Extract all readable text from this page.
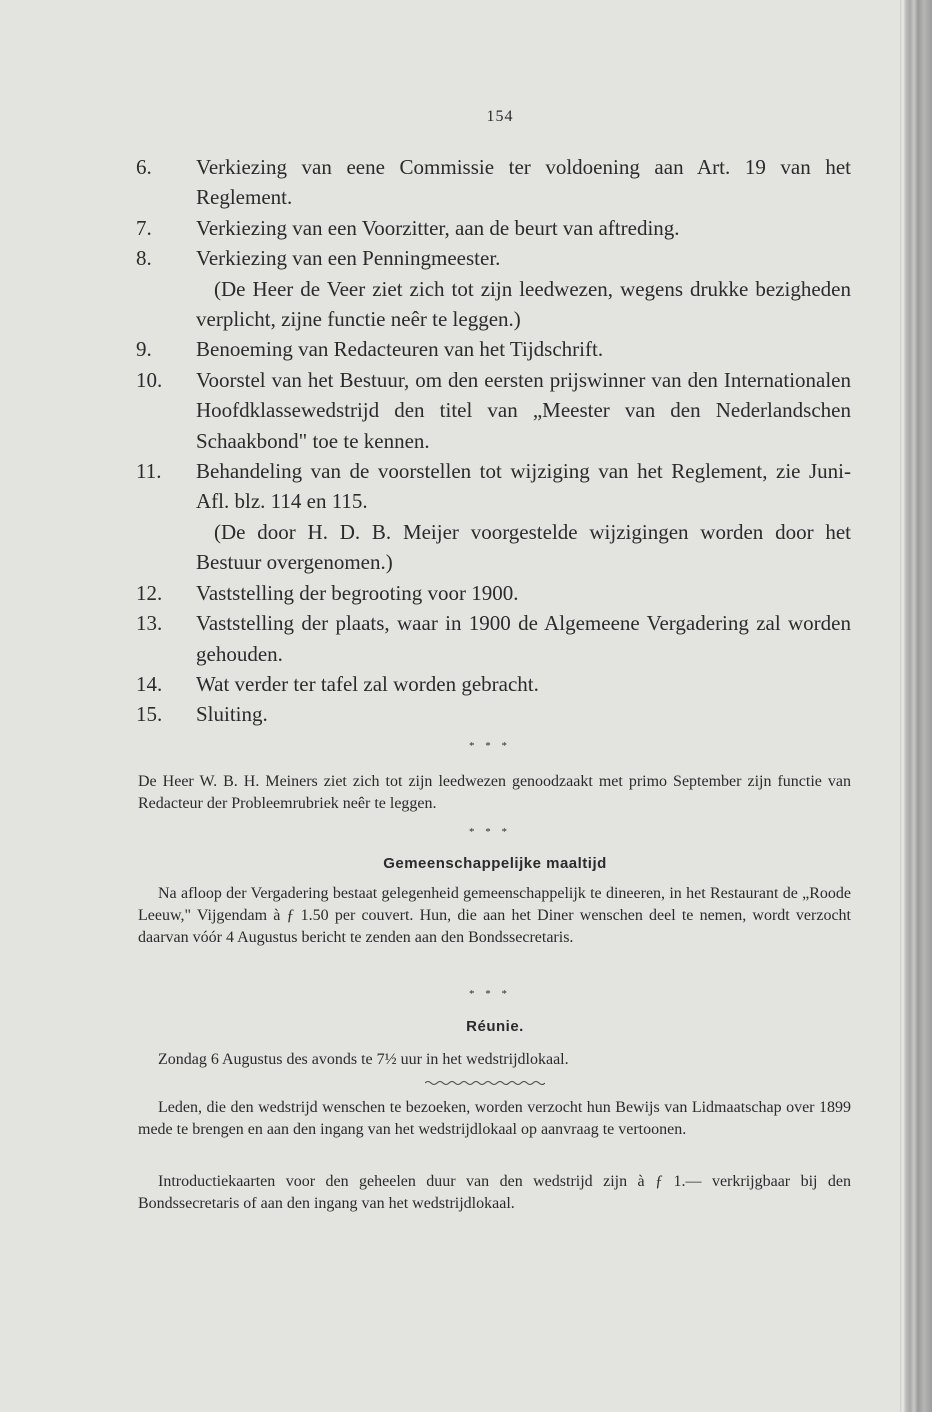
154
6.	Verkiezing van eene Commissie ter voldoening aan Art. 19 van het Reglement.
7.	Verkiezing van een Voorzitter, aan de beurt van aftreding.
8.	Verkiezing van een Penningmeester.
(De Heer de Veer ziet zich tot zijn leedwezen, wegens drukke bezigheden verplicht, zijne functie neêr te leggen.)
9.	Benoeming van Redacteuren van het Tijdschrift.
10.	Voorstel van het Bestuur, om den eersten prijswinner van den Internationalen Hoofdklassewedstrijd den titel van „Meester van den Nederlandschen Schaakbond" toe te kennen.
11.	Behandeling van de voorstellen tot wijziging van het Reglement, zie Juni-Afl. blz. 114 en 115.
(De door H. D. B. Meijer voorgestelde wijzigingen worden door het Bestuur overgenomen.)
12.	Vaststelling der begrooting voor 1900.
13.	Vaststelling der plaats, waar in 1900 de Algemeene Vergadering zal worden gehouden.
14.	Wat verder ter tafel zal worden gebracht.
15.	Sluiting.
* * *
De Heer W. B. H. Meiners ziet zich tot zijn leedwezen genoodzaakt met primo September zijn functie van Redacteur der Probleemrubriek neêr te leggen.
* * *
Gemeenschappelijke maaltijd
Na afloop der Vergadering bestaat gelegenheid gemeenschappelijk te dineeren, in het Restaurant de „Roode Leeuw," Vijgendam à ƒ 1.50 per couvert. Hun, die aan het Diner wenschen deel te nemen, wordt verzocht daarvan vóór 4 Augustus bericht te zenden aan den Bondssecretaris.
* * *
Réunie.
Zondag 6 Augustus des avonds te 7½ uur in het wedstrijdlokaal.
Leden, die den wedstrijd wenschen te bezoeken, worden verzocht hun Bewijs van Lidmaatschap over 1899 mede te brengen en aan den ingang van het wedstrijdlokaal op aanvraag te vertoonen.
Introductiekaarten voor den geheelen duur van den wedstrijd zijn à ƒ 1.— verkrijgbaar bij den Bondssecretaris of aan den ingang van het wedstrijdlokaal.
